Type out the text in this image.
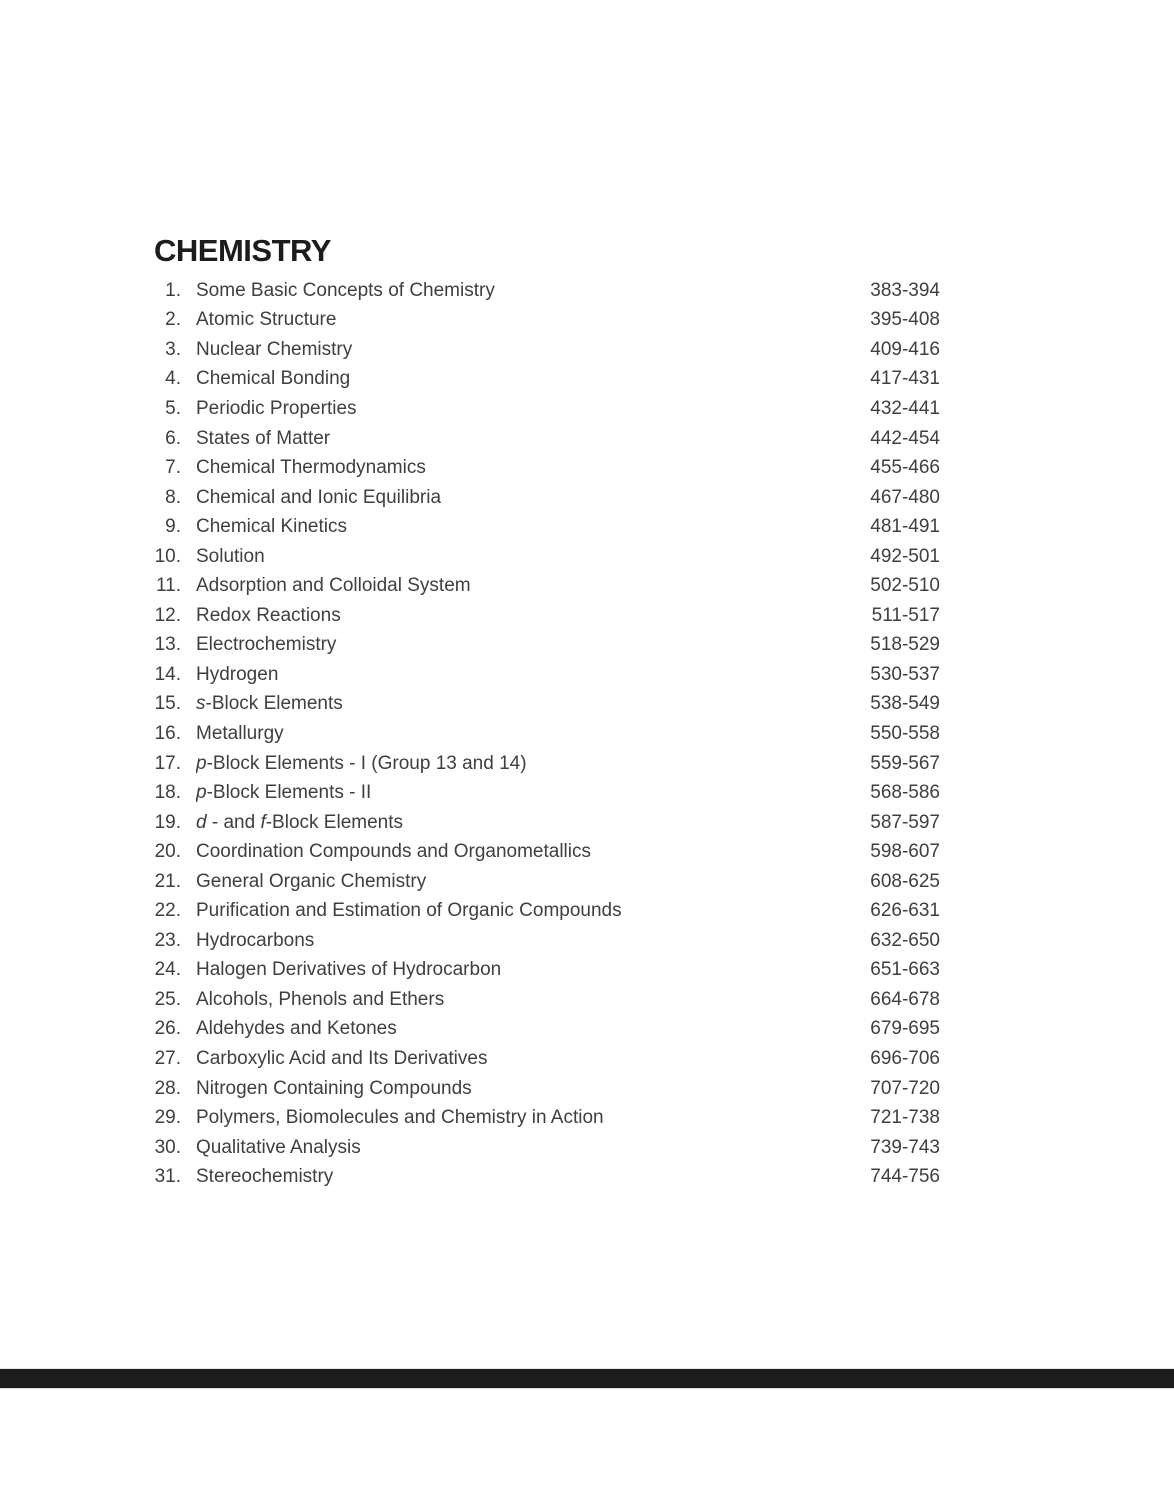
CHEMISTRY
1. Some Basic Concepts of Chemistry	383-394
2. Atomic Structure	395-408
3. Nuclear Chemistry	409-416
4. Chemical Bonding	417-431
5. Periodic Properties	432-441
6. States of Matter	442-454
7. Chemical Thermodynamics	455-466
8. Chemical and Ionic Equilibria	467-480
9. Chemical Kinetics	481-491
10. Solution	492-501
11. Adsorption and Colloidal System	502-510
12. Redox Reactions	511-517
13. Electrochemistry	518-529
14. Hydrogen	530-537
15. s-Block Elements	538-549
16. Metallurgy	550-558
17. p-Block Elements - I (Group 13 and 14)	559-567
18. p-Block Elements - II	568-586
19. d - and f-Block Elements	587-597
20. Coordination Compounds and Organometallics	598-607
21. General Organic Chemistry	608-625
22. Purification and Estimation of Organic Compounds	626-631
23. Hydrocarbons	632-650
24. Halogen Derivatives of Hydrocarbon	651-663
25. Alcohols, Phenols and Ethers	664-678
26. Aldehydes and Ketones	679-695
27. Carboxylic Acid and Its Derivatives	696-706
28. Nitrogen Containing Compounds	707-720
29. Polymers, Biomolecules and Chemistry in Action	721-738
30. Qualitative Analysis	739-743
31. Stereochemistry	744-756
